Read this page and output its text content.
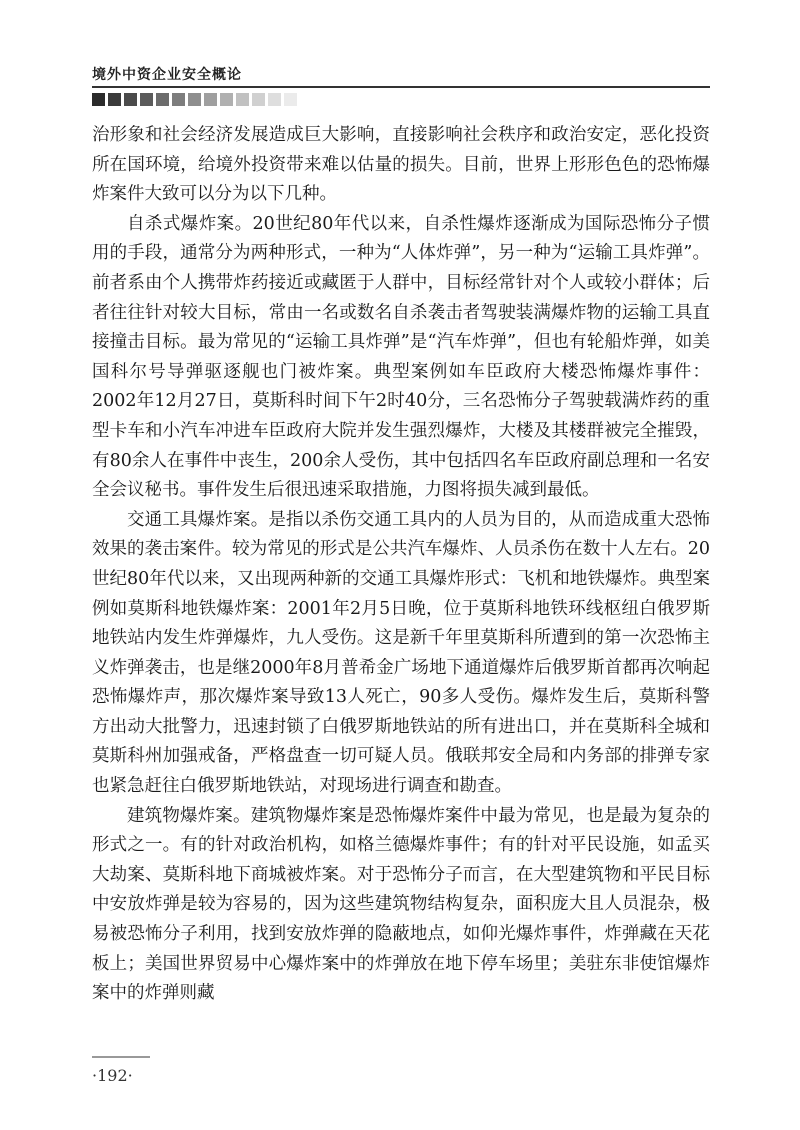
境外中资企业安全概论

治形象和社会经济发展造成巨大影响，直接影响社会秩序和政治安定，恶化投资所在国环境，给境外投资带来难以估量的损失。目前，世界上形形色色的恐怖爆炸案件大致可以分为以下几种。

自杀式爆炸案。20世纪80年代以来，自杀性爆炸逐渐成为国际恐怖分子惯用的手段，通常分为两种形式，一种为“人体炸弹”，另一种为“运输工具炸弹”。前者系由个人携带炸药接近或藏匿于人群中，目标经常针对个人或较小群体；后者往往针对较大目标，常由一名或数名自杀袭击者驾驶装满爆炸物的运输工具直接撞击目标。最为常见的“运输工具炸弹”是“汽车炸弹”，但也有轮船炸弹，如美国科尔号导弹驱逐舰也门被炸案。典型案例如车臣政府大楼恐怖爆炸事件：2002年12月27日，莫斯科时间下午2时40分，三名恐怖分子驾驶载满炸药的重型卡车和小汽车冲进车臣政府大院并发生强烈爆炸，大楼及其楼群被完全摧毁，有80余人在事件中丧生，200余人受伤，其中包括四名车臣政府副总理和一名安全会议秘书。事件发生后很迅速采取措施，力图将损失减到最低。

交通工具爆炸案。是指以杀伤交通工具内的人员为目的，从而造成重大恐怖效果的袭击案件。较为常见的形式是公共汽车爆炸、人员杀伤在数十人左右。20世纪80年代以来，又出现两种新的交通工具爆炸形式：飞机和地铁爆炸。典型案例如莫斯科地铁爆炸案：2001年2月5日晚，位于莫斯科地铁环线枢纽白俄罗斯地铁站内发生炸弹爆炸，九人受伤。这是新千年里莫斯科所遭到的第一次恐怖主义炸弹袭击，也是继2000年8月普希金广场地下通道爆炸后俄罗斯首都再次响起恐怖爆炸声，那次爆炸案导致13人死亡，90多人受伤。爆炸发生后，莫斯科警方出动大批警力，迅速封锁了白俄罗斯地铁站的所有进出口，并在莫斯科全城和莫斯科州加强戒备，严格盘查一切可疑人员。俄联邦安全局和内务部的排弹专家也紧急赶往白俄罗斯地铁站，对现场进行调查和勘查。

建筑物爆炸案。建筑物爆炸案是恐怖爆炸案件中最为常见，也是最为复杂的形式之一。有的针对政治机构，如格兰德爆炸事件；有的针对平民设施，如孟买大劫案、莫斯科地下商城被炸案。对于恐怖分子而言，在大型建筑物和平民目标中安放炸弹是较为容易的，因为这些建筑物结构复杂，面积庞大且人员混杂，极易被恐怖分子利用，找到安放炸弹的隐蔽地点，如仰光爆炸事件，炸弹藏在天花板上；美国世界贸易中心爆炸案中的炸弹放在地下停车场里；美驻东非使馆爆炸案中的炸弹则藏

·192·
